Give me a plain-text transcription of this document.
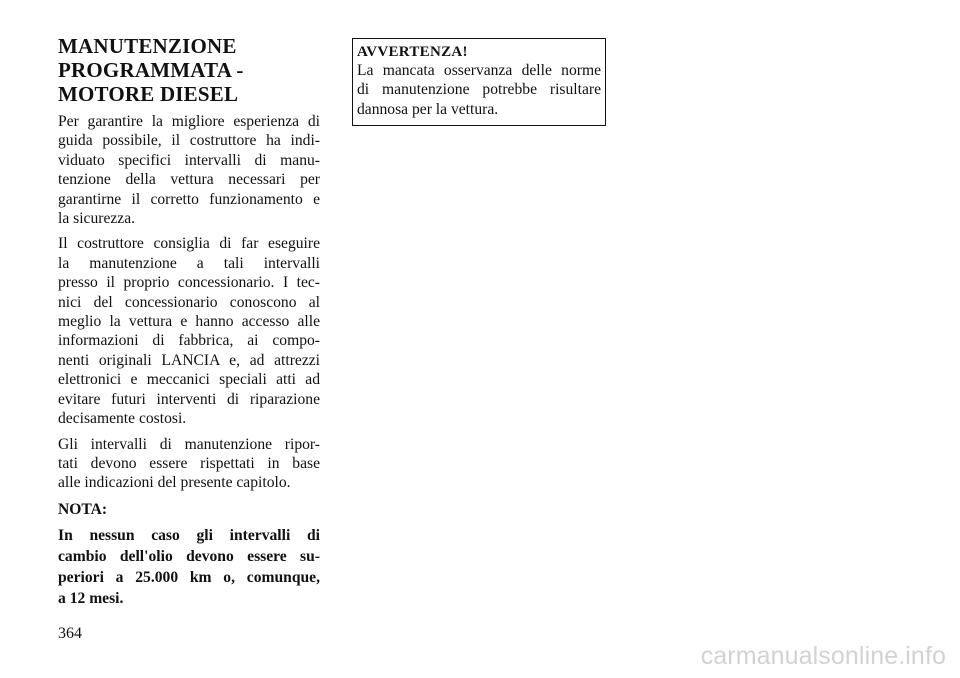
MANUTENZIONE
PROGRAMMATA -
MOTORE DIESEL

Per garantire la migliore esperienza di
guida possibile, il costruttore ha indi-
viduato specifici intervalli di manu-
tenzione della vettura necessari per
garantirne il corretto funzionamento e
la sicurezza.

Il costruttore consiglia di far eseguire
la manutenzione a tali intervalli
presso il proprio concessionario. I tec-
nici del concessionario conoscono al
meglio la vettura e hanno accesso alle
informazioni di fabbrica, ai compo-
nenti originali LANCIA e, ad attrezzi
elettronici e meccanici speciali atti ad
evitare futuri interventi di riparazione
decisamente costosi.

Gli intervalli di manutenzione ripor-
tati devono essere rispettati in base
alle indicazioni del presente capitolo.

NOTA:

In nessun caso gli intervalli di
cambio dell'olio devono essere su-
periori a 25.000 km o, comunque,
a 12 mesi.

AVVERTENZA!

La mancata osservanza delle norme
di manutenzione potrebbe risultare
dannosa per la vettura.

364
carmanualsonline.info
